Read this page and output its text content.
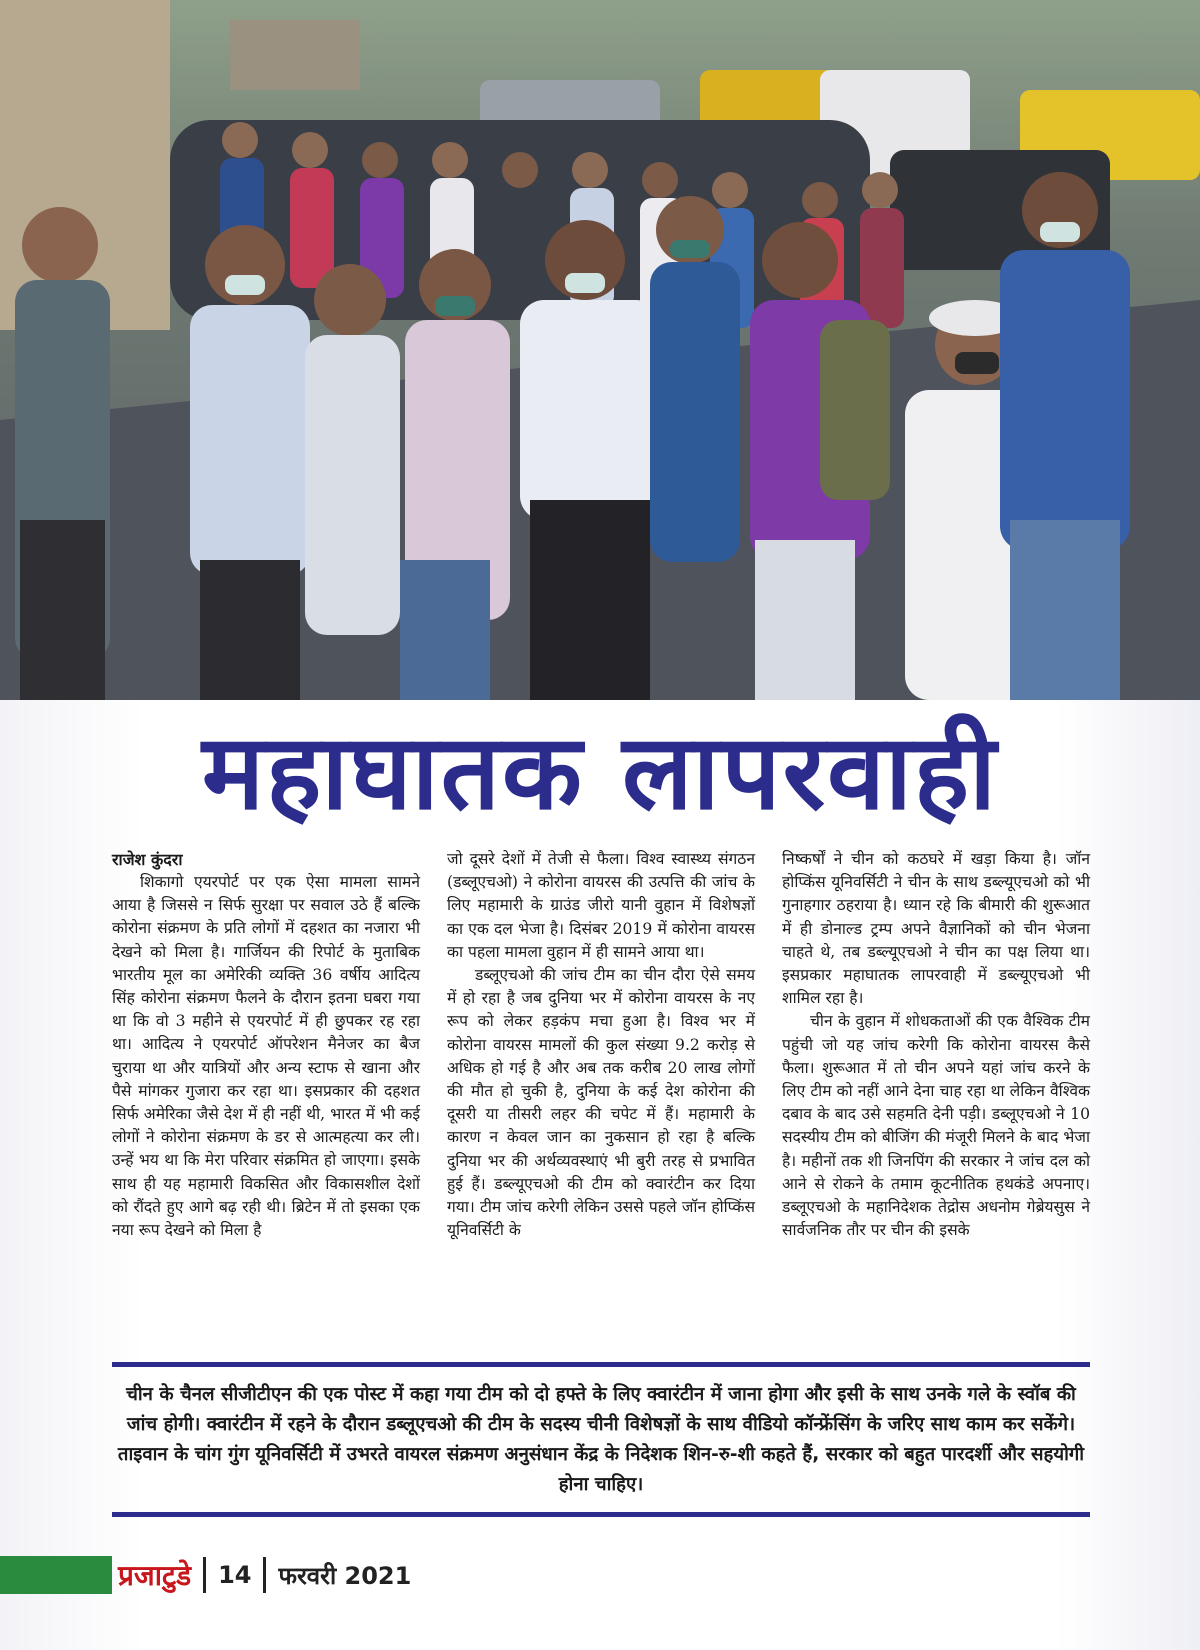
महाघातक लापरवाही

राजेश कुंदरा

शिकागो एयरपोर्ट पर एक ऐसा मामला सामने आया है जिससे न सिर्फ सुरक्षा पर सवाल उठे हैं बल्कि कोरोना संक्रमण के प्रति लोगों में दहशत का नजारा भी देखने को मिला है। गार्जियन की रिपोर्ट के मुताबिक भारतीय मूल का अमेरिकी व्यक्ति 36 वर्षीय आदित्य सिंह कोरोना संक्रमण फैलने के दौरान इतना घबरा गया था कि वो 3 महीने से एयरपोर्ट में ही छुपकर रह रहा था। आदित्य ने एयरपोर्ट ऑपरेशन मैनेजर का बैज चुराया था और यात्रियों और अन्य स्टाफ से खाना और पैसे मांगकर गुजारा कर रहा था। इसप्रकार की दहशत सिर्फ अमेरिका जैसे देश में ही नहीं थी, भारत में भी कई लोगों ने कोरोना संक्रमण के डर से आत्महत्या कर ली। उन्हें भय था कि मेरा परिवार संक्रमित हो जाएगा। इसके साथ ही यह महामारी विकसित और विकासशील देशों को रौंदते हुए आगे बढ़ रही थी। ब्रिटेन में तो इसका एक नया रूप देखने को मिला है

जो दूसरे देशों में तेजी से फैला। विश्व स्वास्थ्य संगठन (डब्लूएचओ) ने कोरोना वायरस की उत्पत्ति की जांच के लिए महामारी के ग्राउंड जीरो यानी वुहान में विशेषज्ञों का एक दल भेजा है। दिसंबर 2019 में कोरोना वायरस का पहला मामला वुहान में ही सामने आया था।

डब्लूएचओ की जांच टीम का चीन दौरा ऐसे समय में हो रहा है जब दुनिया भर में कोरोना वायरस के नए रूप को लेकर हड़कंप मचा हुआ है। विश्व भर में कोरोना वायरस मामलों की कुल संख्या 9.2 करोड़ से अधिक हो गई है और अब तक करीब 20 लाख लोगों की मौत हो चुकी है, दुनिया के कई देश कोरोना की दूसरी या तीसरी लहर की चपेट में हैं। महामारी के कारण न केवल जान का नुकसान हो रहा है बल्कि दुनिया भर की अर्थव्यवस्थाएं भी बुरी तरह से प्रभावित हुई हैं। डब्ल्यूएचओ की टीम को क्वारंटीन कर दिया गया। टीम जांच करेगी लेकिन उससे पहले जॉन होप्किंस यूनिवर्सिटी के

निष्कर्षों ने चीन को कठघरे में खड़ा किया है। जॉन होप्किंस यूनिवर्सिटी ने चीन के साथ डब्ल्यूएचओ को भी गुनाहगार ठहराया है। ध्यान रहे कि बीमारी की शुरूआत में ही डोनाल्ड ट्रम्प अपने वैज्ञानिकों को चीन भेजना चाहते थे, तब डब्ल्यूएचओ ने चीन का पक्ष लिया था। इसप्रकार महाघातक लापरवाही में डब्ल्यूएचओ भी शामिल रहा है।

चीन के वुहान में शोधकताओं की एक वैश्विक टीम पहुंची जो यह जांच करेगी कि कोरोना वायरस कैसे फैला। शुरूआत में तो चीन अपने यहां जांच करने के लिए टीम को नहीं आने देना चाह रहा था लेकिन वैश्विक दबाव के बाद उसे सहमति देनी पड़ी। डब्लूएचओ ने 10 सदस्यीय टीम को बीजिंग की मंजूरी मिलने के बाद भेजा है। महीनों तक शी जिनपिंग की सरकार ने जांच दल को आने से रोकने के तमाम कूटनीतिक हथकंडे अपनाए। डब्लूएचओ के महानिदेशक तेद्रोस अधनोम गेब्रेयसुस ने सार्वजनिक तौर पर चीन की इसके

चीन के चैनल सीजीटीएन की एक पोस्ट में कहा गया टीम को दो हफ्ते के लिए क्वारंटीन में जाना होगा और इसी के साथ उनके गले के स्वॉब की जांच होगी। क्वारंटीन में रहने के दौरान डब्लूएचओ की टीम के सदस्य चीनी विशेषज्ञों के साथ वीडियो कॉन्फ्रेंसिंग के जरिए साथ काम कर सकेंगे। ताइवान के चांग गुंग यूनिवर्सिटी में उभरते वायरल संक्रमण अनुसंधान केंद्र के निदेशक शिन-रु-शी कहते हैं, सरकार को बहुत पारदर्शी और सहयोगी होना चाहिए।
प्रजाटुडे 14 फरवरी 2021
